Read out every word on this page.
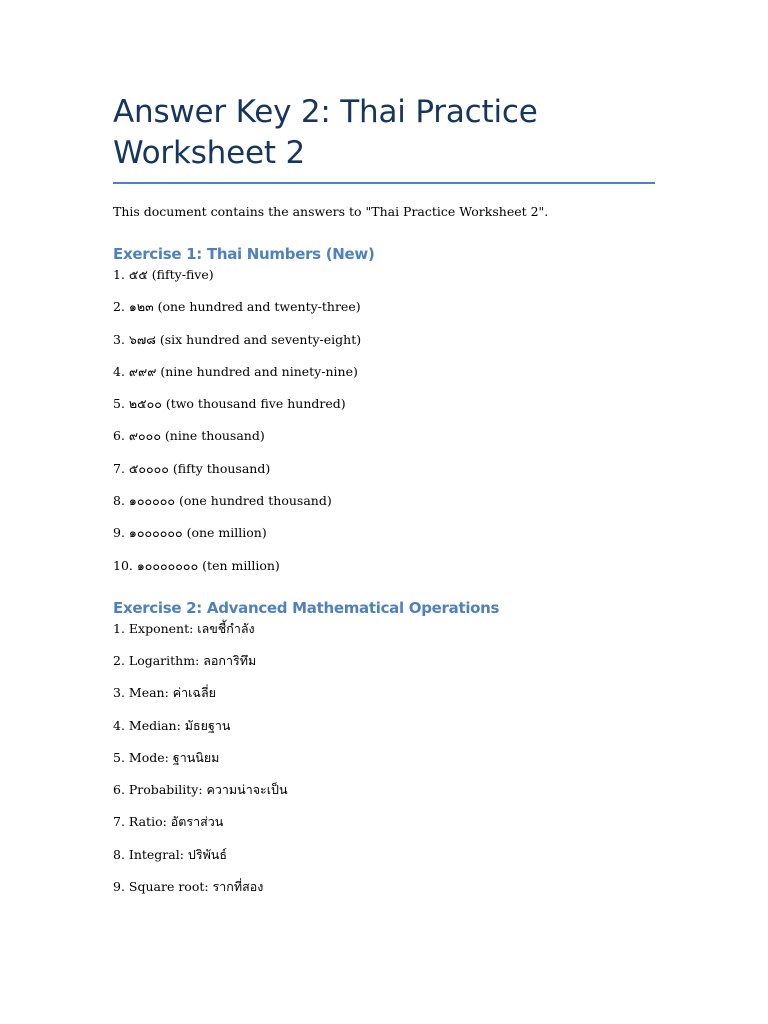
Answer Key 2: Thai Practice Worksheet 2

This document contains the answers to "Thai Practice Worksheet 2".

Exercise 1: Thai Numbers (New)
1. ๕๕ (fifty-five)
2. ๑๒๓ (one hundred and twenty-three)
3. ๖๗๘ (six hundred and seventy-eight)
4. ๙๙๙ (nine hundred and ninety-nine)
5. ๒๕๐๐ (two thousand five hundred)
6. ๙๐๐๐ (nine thousand)
7. ๕๐๐๐๐ (fifty thousand)
8. ๑๐๐๐๐๐ (one hundred thousand)
9. ๑๐๐๐๐๐๐ (one million)
10. ๑๐๐๐๐๐๐๐ (ten million)
Exercise 2: Advanced Mathematical Operations
1. Exponent: เลขชี้กำลัง
2. Logarithm: ลอการิทึม
3. Mean: ค่าเฉลี่ย
4. Median: มัธยฐาน
5. Mode: ฐานนิยม
6. Probability: ความน่าจะเป็น
7. Ratio: อัตราส่วน
8. Integral: ปริพันธ์
9. Square root: รากที่สอง
